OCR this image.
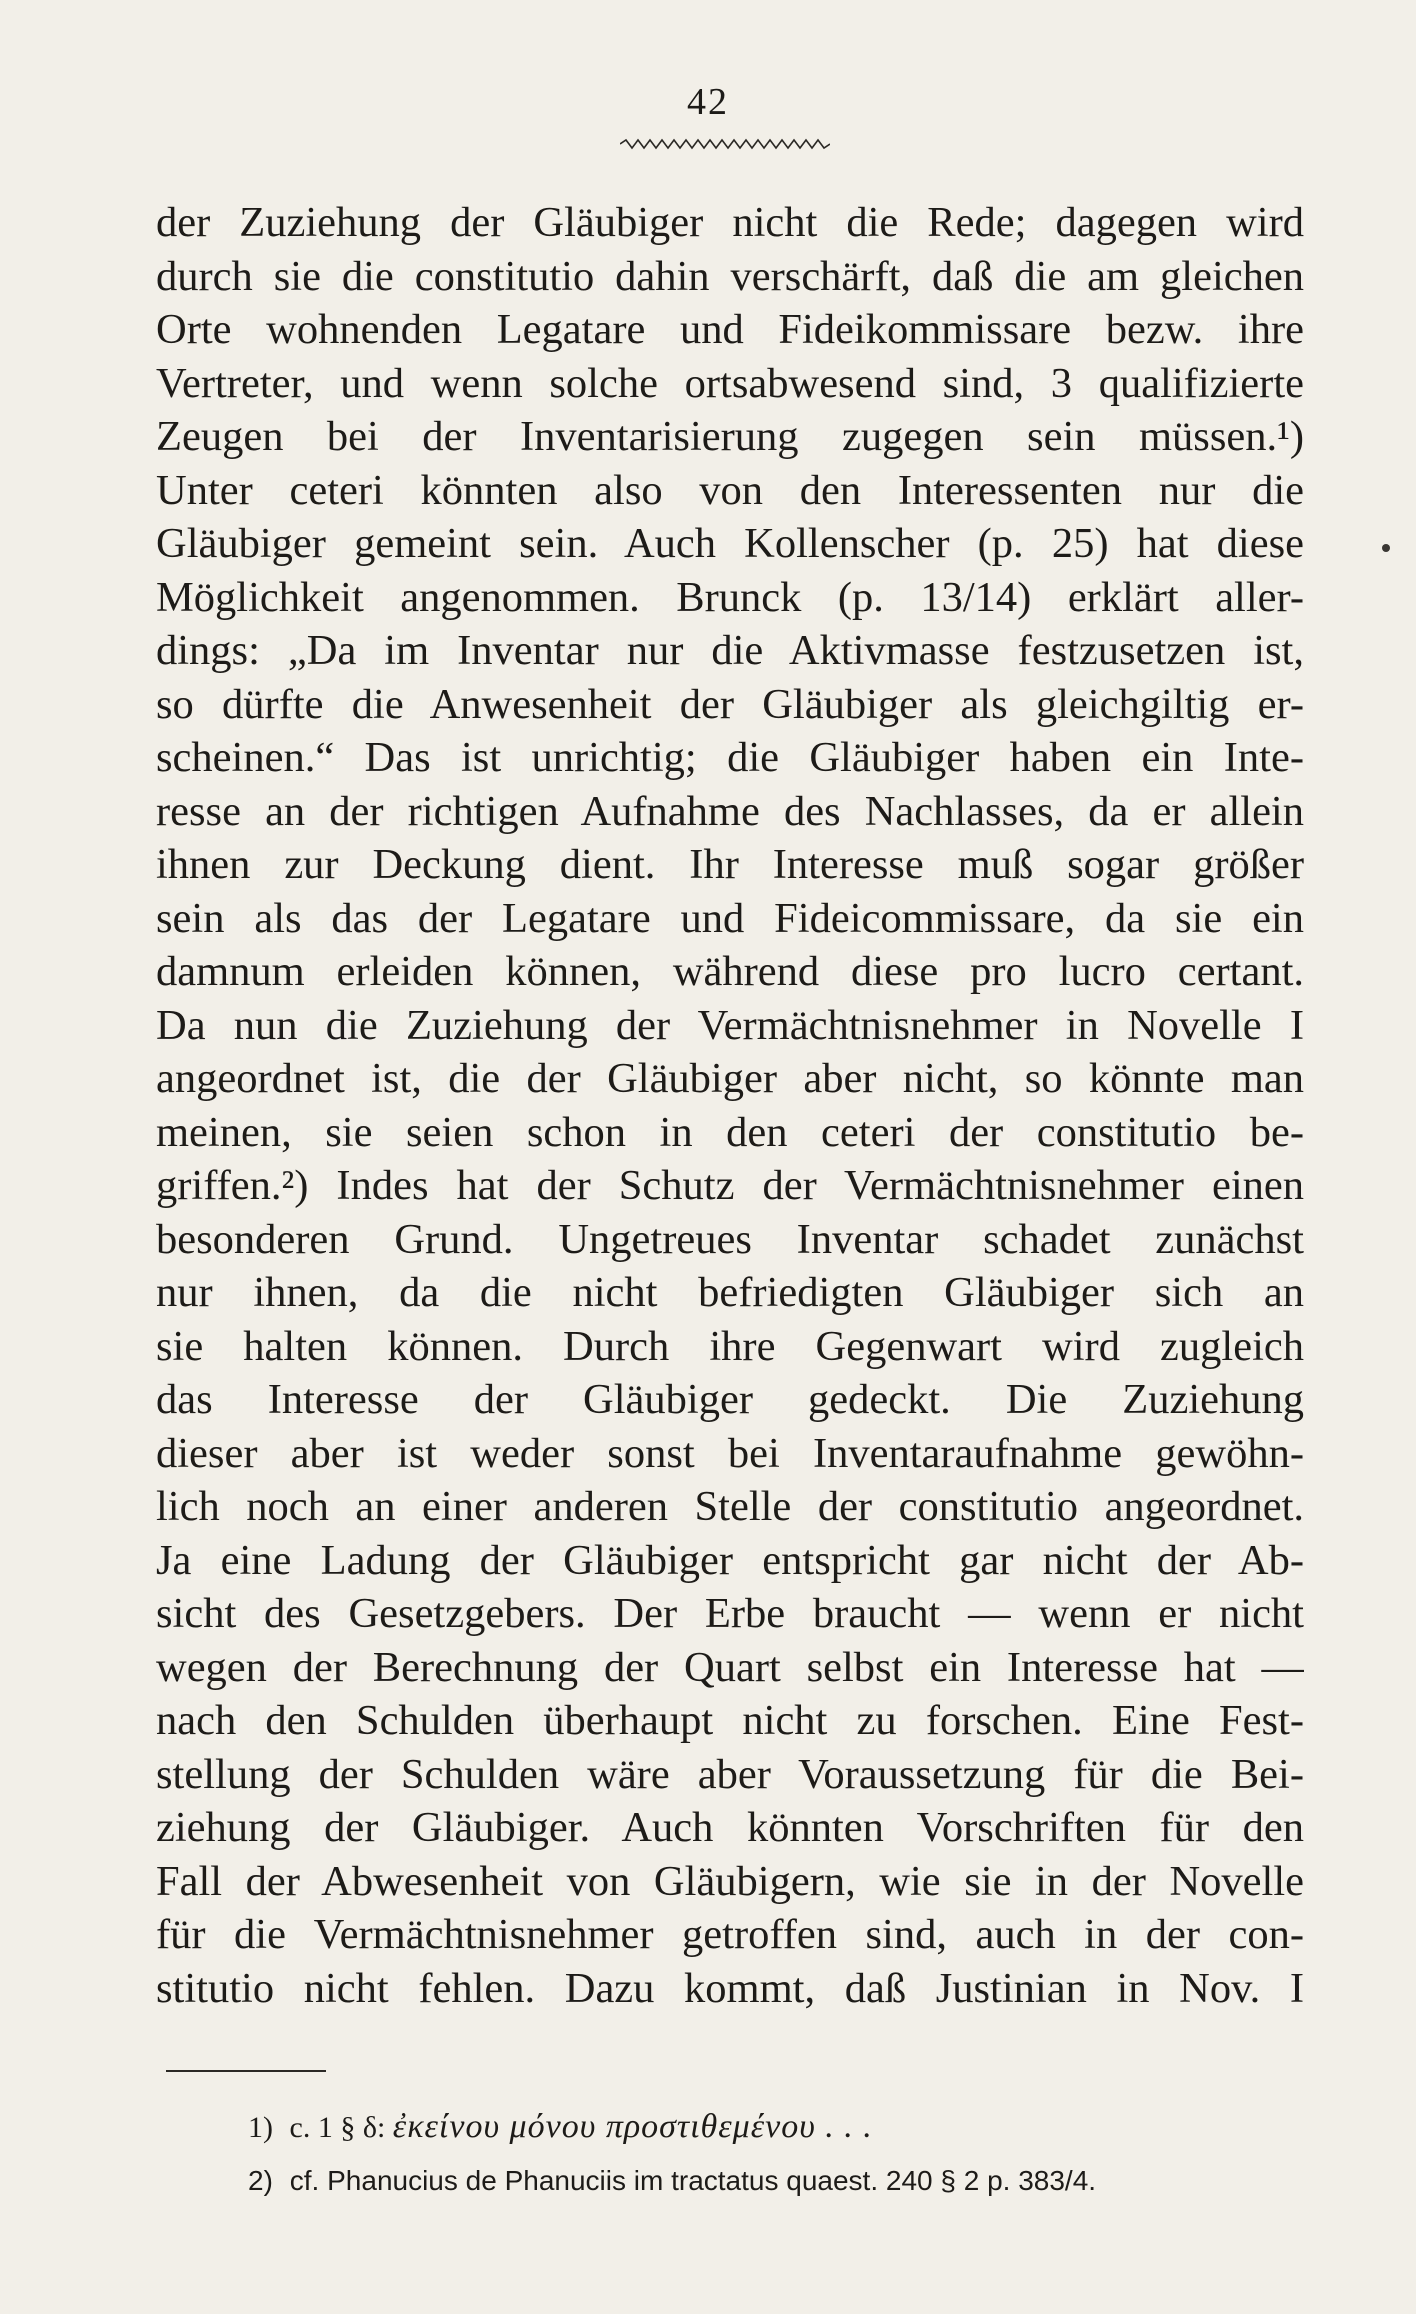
42
der Zuziehung der Gläubiger nicht die Rede; dagegen wird
durch sie die constitutio dahin verschärft, daß die am gleichen
Orte wohnenden Legatare und Fideikommissare bezw. ihre
Vertreter, und wenn solche ortsabwesend sind, 3 qualifizierte
Zeugen bei der Inventarisierung zugegen sein müssen.¹)
Unter ceteri könnten also von den Interessenten nur die
Gläubiger gemeint sein. Auch Kollenscher (p. 25) hat diese
Möglichkeit angenommen. Brunck (p. 13/14) erklärt aller-
dings: „Da im Inventar nur die Aktivmasse festzusetzen ist,
so dürfte die Anwesenheit der Gläubiger als gleichgiltig er-
scheinen.“ Das ist unrichtig; die Gläubiger haben ein Inte-
resse an der richtigen Aufnahme des Nachlasses, da er allein
ihnen zur Deckung dient. Ihr Interesse muß sogar größer
sein als das der Legatare und Fideicommissare, da sie ein
damnum erleiden können, während diese pro lucro certant.
Da nun die Zuziehung der Vermächtnisnehmer in Novelle I
angeordnet ist, die der Gläubiger aber nicht, so könnte man
meinen, sie seien schon in den ceteri der constitutio be-
griffen.²) Indes hat der Schutz der Vermächtnisnehmer einen
besonderen Grund. Ungetreues Inventar schadet zunächst
nur ihnen, da die nicht befriedigten Gläubiger sich an
sie halten können. Durch ihre Gegenwart wird zugleich
das Interesse der Gläubiger gedeckt. Die Zuziehung
dieser aber ist weder sonst bei Inventaraufnahme gewöhn-
lich noch an einer anderen Stelle der constitutio angeordnet.
Ja eine Ladung der Gläubiger entspricht gar nicht der Ab-
sicht des Gesetzgebers. Der Erbe braucht — wenn er nicht
wegen der Berechnung der Quart selbst ein Interesse hat —
nach den Schulden überhaupt nicht zu forschen. Eine Fest-
stellung der Schulden wäre aber Voraussetzung für die Bei-
ziehung der Gläubiger. Auch könnten Vorschriften für den
Fall der Abwesenheit von Gläubigern, wie sie in der Novelle
für die Vermächtnisnehmer getroffen sind, auch in der con-
stitutio nicht fehlen. Dazu kommt, daß Justinian in Nov. I
1) c. 1 § δ: ἐκείνου μόνου προστιθεμένου . . .
2) cf. Phanucius de Phanuciis im tractatus quaest. 240 § 2 p. 383/4.
